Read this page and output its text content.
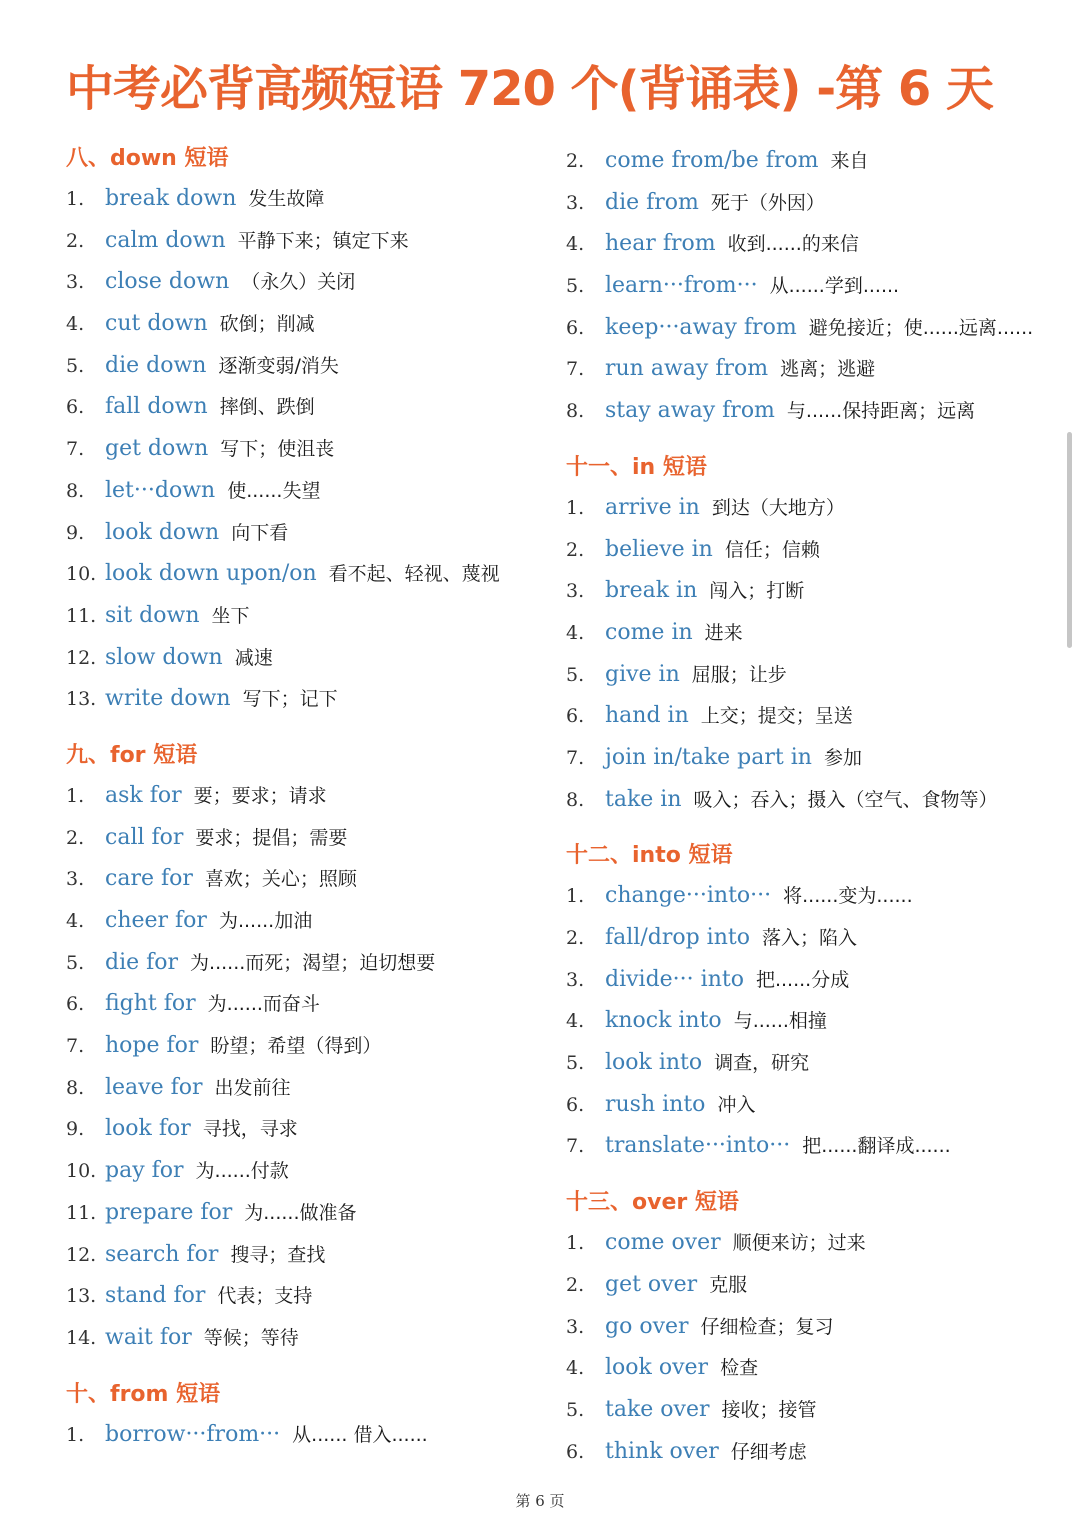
中考必背高频短语 720 个(背诵表) -第 6 天
八、down 短语
1. break down 发生故障
2. calm down 平静下来；镇定下来
3. close down （永久）关闭
4. cut down 砍倒；削减
5. die down 逐渐变弱/消失
6. fall down 摔倒、跌倒
7. get down 写下；使沮丧
8. let···down 使......失望
9. look down 向下看
10. look down upon/on 看不起、轻视、蔑视
11. sit down 坐下
12. slow down 减速
13. write down 写下；记下
九、for 短语
1. ask for 要；要求；请求
2. call for 要求；提倡；需要
3. care for 喜欢；关心；照顾
4. cheer for 为......加油
5. die for 为......而死；渴望；迫切想要
6. fight for 为......而奋斗
7. hope for 盼望；希望（得到）
8. leave for 出发前往
9. look for 寻找，寻求
10. pay for 为......付款
11. prepare for 为......做准备
12. search for 搜寻；查找
13. stand for 代表；支持
14. wait for 等候；等待
十、from 短语
1. borrow···from··· 从...... 借入......
2. come from/be from 来自
3. die from 死于（外因）
4. hear from 收到......的来信
5. learn···from··· 从......学到......
6. keep···away from 避免接近；使......远离......
7. run away from 逃离；逃避
8. stay away from 与......保持距离；远离
十一、in 短语
1. arrive in 到达（大地方）
2. believe in 信任；信赖
3. break in 闯入；打断
4. come in 进来
5. give in 屈服；让步
6. hand in 上交；提交；呈送
7. join in/take part in 参加
8. take in 吸入；吞入；摄入（空气、食物等）
十二、into 短语
1. change···into··· 将......变为......
2. fall/drop into 落入；陷入
3. divide··· into 把......分成
4. knock into 与......相撞
5. look into 调查，研究
6. rush into 冲入
7. translate···into··· 把......翻译成......
十三、over 短语
1. come over 顺便来访；过来
2. get over 克服
3. go over 仔细检查；复习
4. look over 检查
5. take over 接收；接管
6. think over 仔细考虑
第 6 页
